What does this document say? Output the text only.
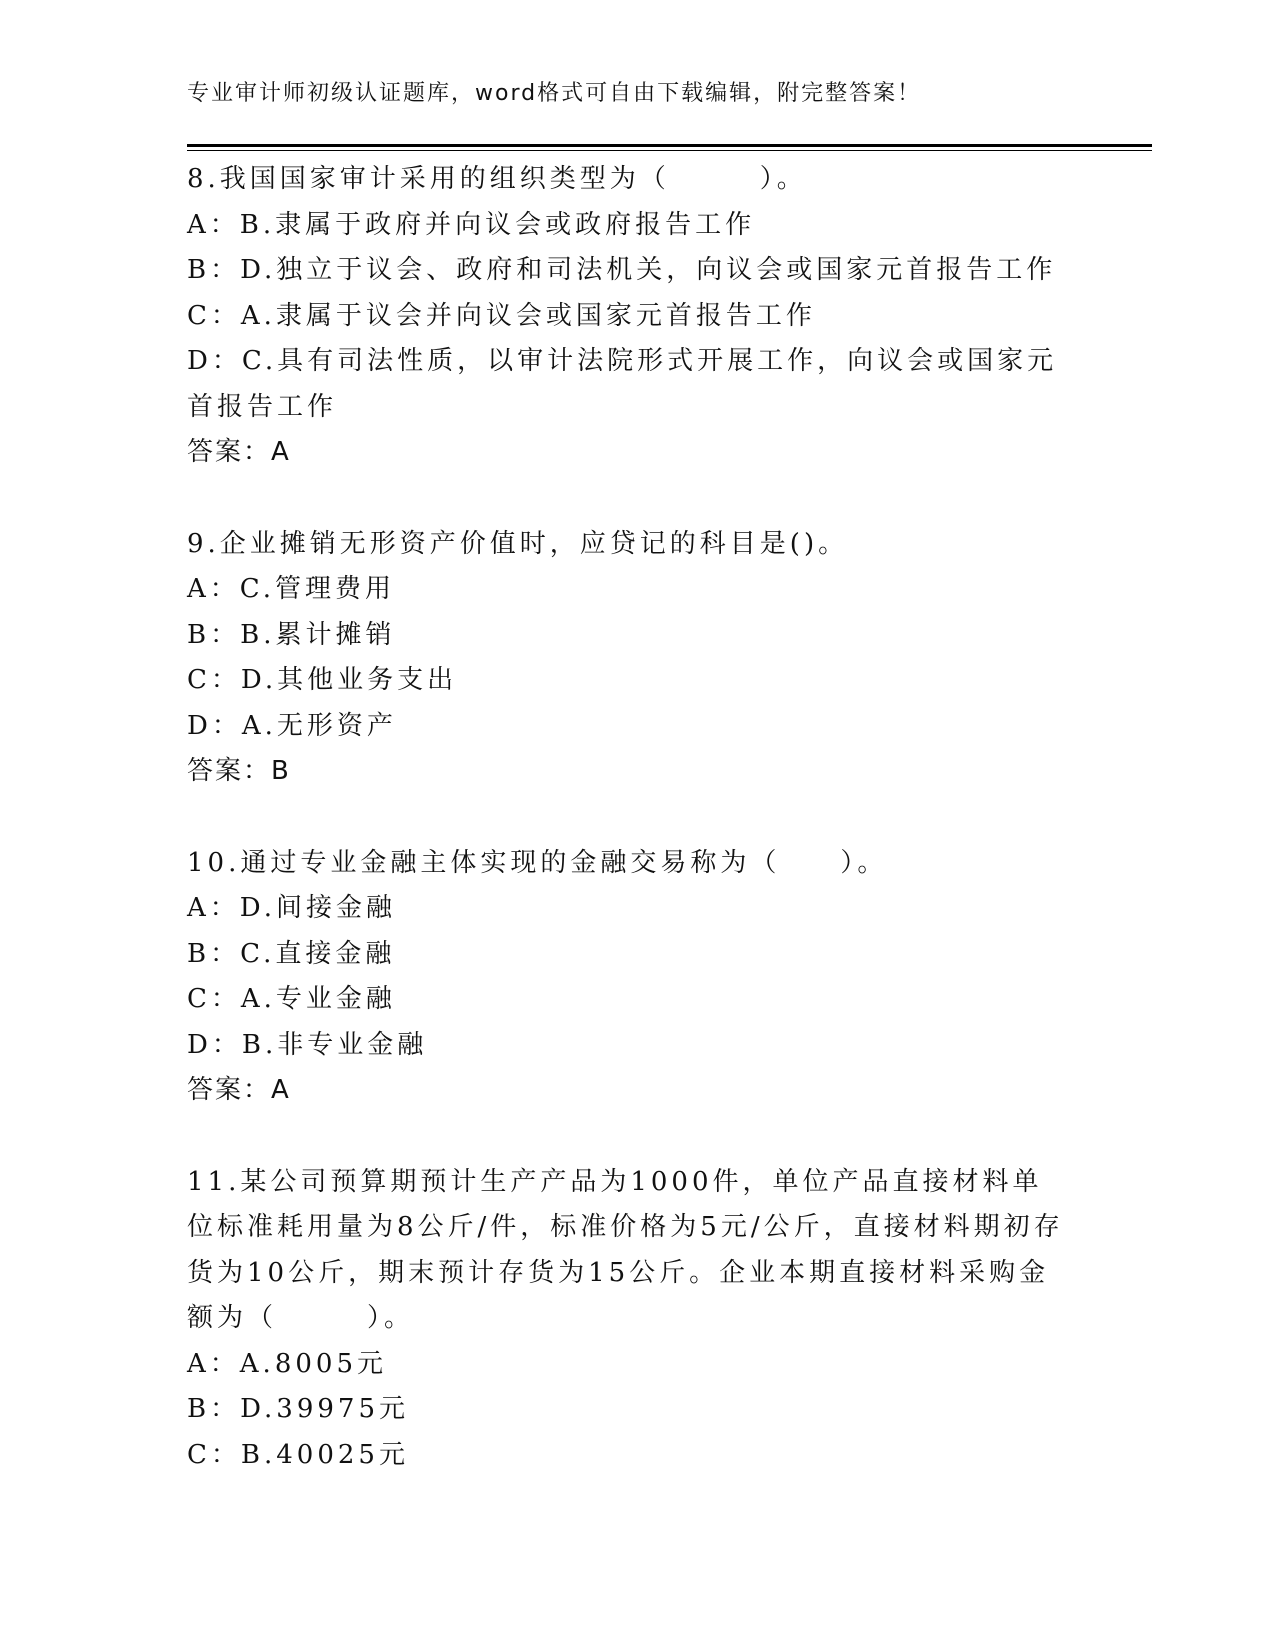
专业审计师初级认证题库，word格式可自由下载编辑，附完整答案！
8.我国国家审计采用的组织类型为（　　　）。
A：B.隶属于政府并向议会或政府报告工作
B：D.独立于议会、政府和司法机关，向议会或国家元首报告工作
C：A.隶属于议会并向议会或国家元首报告工作
D：C.具有司法性质，以审计法院形式开展工作，向议会或国家元首报告工作
答案：A
9.企业摊销无形资产价值时，应贷记的科目是()。
A：C.管理费用
B：B.累计摊销
C：D.其他业务支出
D：A.无形资产
答案：B
10.通过专业金融主体实现的金融交易称为（　　）。
A：D.间接金融
B：C.直接金融
C：A.专业金融
D：B.非专业金融
答案：A
11.某公司预算期预计生产产品为1000件，单位产品直接材料单位标准耗用量为8公斤/件，标准价格为5元/公斤，直接材料期初存货为10公斤，期末预计存货为15公斤。企业本期直接材料采购金额为（　　　）。
A：A.8005元
B：D.39975元
C：B.40025元
